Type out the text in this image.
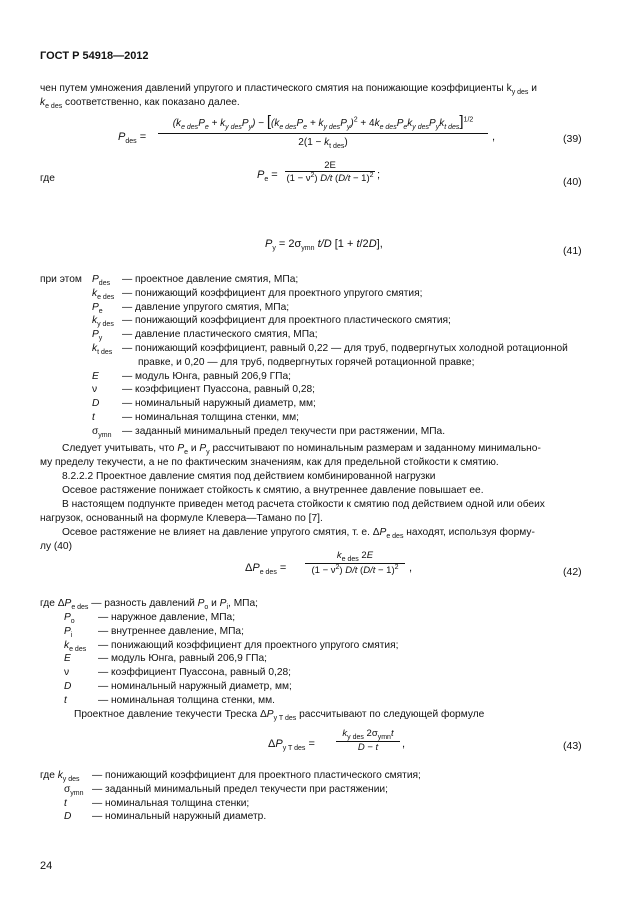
ГОСТ Р 54918—2012
чен путем умножения давлений упругого и пластического смятия на понижающие коэффициенты $k_{y des}$ и
$k_{e des}$ соответственно, как показано далее.
$P_{des}$ =
$(k_{e des}P_e + k_{y des}P_y) - [(k_{e des}P_e + k_{y des}P_y)^2 + 4k_{e des}P_ek_{y des}P_yk_{t des}]^{1/2}$
$2(1 - k_{t des})$	,	(39)
где	$P_e = \frac{2E}{(1 - \nu^2) D/t (D/t - 1)^2}$ ;
(40)
$P_y = 2\sigma_{ymn}$ t/D [1 + t/2D],
(41)
при этом $P_{des}$ — проектное давление смятия, МПа;
$k_{e des}$ — понижающий коэффициент для проектного упругого смятия;
$P_e$ — давление упругого смятия, МПа;
$k_{y des}$ — понижающий коэффициент для проектного пластического смятия;
$P_y$ — давление пластического смятия, МПа;
$k_{t des}$ — понижающий коэффициент, равный 0,22 — для труб, подвергнутых холодной ротационной
правке, и 0,20 — для труб, подвергнутых горячей ротационной правке;
E — модуль Юнга, равный 206,9 ГПа;
ν — коэффициент Пуассона, равный 0,28;
D — номинальный наружный диаметр, мм;
t	— номинальная толщина стенки, мм;
$\sigma_{ymn}$ — заданный минимальный предел текучести при растяжении, МПа.
Следует учитывать, что $P_e$ и $P_y$ рассчитывают по номинальным размерам и заданному минимально-
му пределу текучести, а не по фактическим значениям, как для предельной стойкости к смятию.
8.2.2.2 Проектное давление смятия под действием комбинированной нагрузки
Осевое растяжение понижает стойкость к смятию, а внутреннее давление повышает ее.
В настоящем подпункте приведен метод расчета стойкости к смятию под действием одной или обеих
нагрузок, основанный на формуле Клевера—Тамано по [7].
Осевое растяжение не влияет на давление упругого смятия, т. е. $\Delta P_{e des}$ находят, используя форму-
лу (40)
$\Delta P_{e des}$ =
$k_{e des}$ 2E
$(1 - \nu^2)$ D/t $(D/t - 1)^2$ ,	(42)
где $\Delta P_{e des}$ — разность давлений $P_o$ и $P_i$, МПа;
$P_o$ — наружное давление, МПа;
$P_i$	— внутреннее давление, МПа;
$k_{e des}$ — понижающий коэффициент для проектного упругого смятия;
E	— модуль Юнга, равный 206,9 ГПа;
ν	— коэффициент Пуассона, равный 0,28;
D	— номинальный наружный диаметр, мм;
t	— номинальная толщина стенки, мм.
Проектное давление текучести Треска $\Delta P_{y T des}$ рассчитывают по следующей формуле
$\Delta P_{y T des}$ =
$k_{y des}$ $2\sigma_{ymn}t$
D − t	,	(43)
где $k_{y des}$ — понижающий коэффициент для проектного пластического смятия;
$\sigma_{ymn}$ — заданный минимальный предел текучести при растяжении;
t — номинальная толщина стенки;
D — номинальный наружный диаметр.
24
